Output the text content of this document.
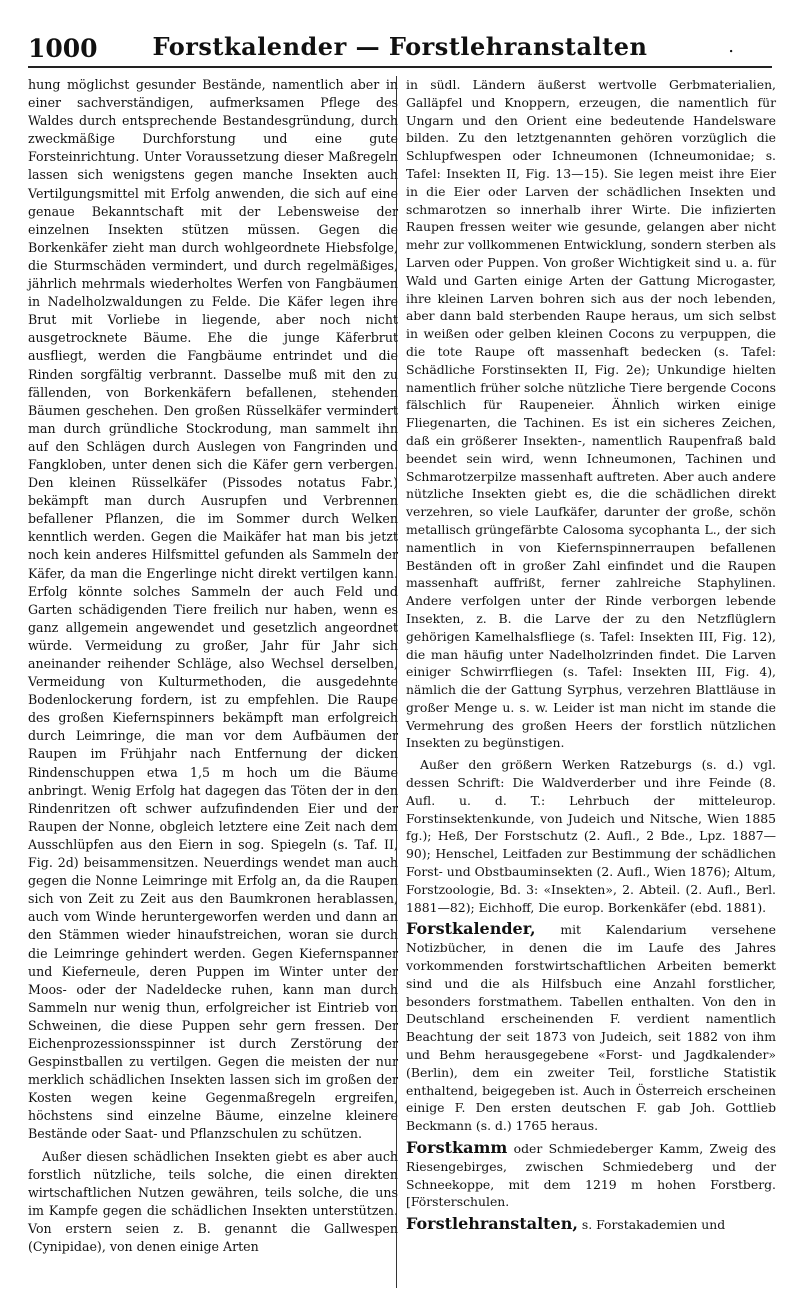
1000	Forstkalender — Forstlehranstalten	.

hung möglichst gesunder Bestände, namentlich aber in einer sachverständigen, aufmerksamen Pflege des Waldes durch entsprechende Bestandesgründung, durch zweckmäßige Durchforstung und eine gute Forsteinrichtung. Unter Voraussetzung dieser Maßregeln lassen sich wenigstens gegen manche Insekten auch Vertilgungsmittel mit Erfolg anwenden, die sich auf eine genaue Bekanntschaft mit der Lebensweise der einzelnen Insekten stützen müssen. Gegen die Borkenkäfer zieht man durch wohlgeordnete Hiebsfolge, die Sturmschäden vermindert, und durch regelmäßiges, jährlich mehrmals wiederholtes Werfen von Fangbäumen in Nadelholzwaldungen zu Felde. Die Käfer legen ihre Brut mit Vorliebe in liegende, aber noch nicht ausgetrocknete Bäume. Ehe die junge Käferbrut ausfliegt, werden die Fangbäume entrindet und die Rinden sorgfältig verbrannt. Dasselbe muß mit den zu fällenden, von Borkenkäfern befallenen, stehenden Bäumen geschehen. Den großen Rüsselkäfer vermindert man durch gründliche Stockrodung, man sammelt ihn auf den Schlägen durch Auslegen von Fangrinden und Fangkloben, unter denen sich die Käfer gern verbergen. Den kleinen Rüsselkäfer (Pissodes notatus Fabr.) bekämpft man durch Ausrupfen und Verbrennen befallener Pflanzen, die im Sommer durch Welken kenntlich werden. Gegen die Maikäfer hat man bis jetzt noch kein anderes Hilfsmittel gefunden als Sammeln der Käfer, da man die Engerlinge nicht direkt vertilgen kann. Erfolg könnte solches Sammeln der auch Feld und Garten schädigenden Tiere freilich nur haben, wenn es ganz allgemein angewendet und gesetzlich angeordnet würde. Vermeidung zu großer, Jahr für Jahr sich aneinander reihender Schläge, also Wechsel derselben, Vermeidung von Kulturmethoden, die ausgedehnte Bodenlockerung fordern, ist zu empfehlen. Die Raupe des großen Kiefernspinners bekämpft man erfolgreich durch Leimringe, die man vor dem Aufbäumen der Raupen im Frühjahr nach Entfernung der dicken Rindenschuppen etwa 1,5 m hoch um die Bäume anbringt. Wenig Erfolg hat dagegen das Töten der in den Rindenritzen oft schwer aufzufindenden Eier und der Raupen der Nonne, obgleich letztere eine Zeit nach dem Ausschlüpfen aus den Eiern in sog. Spiegeln (s. Taf. II, Fig. 2d) beisammensitzen. Neuerdings wendet man auch gegen die Nonne Leimringe mit Erfolg an, da die Raupen sich von Zeit zu Zeit aus den Baumkronen herablassen, auch vom Winde heruntergeworfen werden und dann an den Stämmen wieder hinaufstreichen, woran sie durch die Leimringe gehindert werden. Gegen Kiefernspanner und Kieferneule, deren Puppen im Winter unter der Moos- oder der Nadeldecke ruhen, kann man durch Sammeln nur wenig thun, erfolgreicher ist Eintrieb von Schweinen, die diese Puppen sehr gern fressen. Der Eichenprozessionsspinner ist durch Zerstörung der Gespinstballen zu vertilgen. Gegen die meisten der nur merklich schädlichen Insekten lassen sich im großen der Kosten wegen keine Gegenmaßregeln ergreifen, höchstens sind einzelne Bäume, einzelne kleinere Bestände oder Saat- und Pflanzschulen zu schützen.

Außer diesen schädlichen Insekten giebt es aber auch forstlich nützliche, teils solche, die einen direkten wirtschaftlichen Nutzen gewähren, teils solche, die uns im Kampfe gegen die schädlichen Insekten unterstützen. Von erstern seien z. B. genannt die Gallwespen (Cynipidae), von denen einige Arten

in südl. Ländern äußerst wertvolle Gerbmaterialien, Galläpfel und Knoppern, erzeugen, die namentlich für Ungarn und den Orient eine bedeutende Handelsware bilden. Zu den letztgenannten gehören vorzüglich die Schlupfwespen oder Ichneumonen (Ichneumonidae; s. Tafel: Insekten II, Fig. 13—15). Sie legen meist ihre Eier in die Eier oder Larven der schädlichen Insekten und schmarotzen so innerhalb ihrer Wirte. Die infizierten Raupen fressen weiter wie gesunde, gelangen aber nicht mehr zur vollkommenen Entwicklung, sondern sterben als Larven oder Puppen. Von großer Wichtigkeit sind u. a. für Wald und Garten einige Arten der Gattung Microgaster, ihre kleinen Larven bohren sich aus der noch lebenden, aber dann bald sterbenden Raupe heraus, um sich selbst in weißen oder gelben kleinen Cocons zu verpuppen, die die tote Raupe oft massenhaft bedecken (s. Tafel: Schädliche Forstinsekten II, Fig. 2e); Unkundige hielten namentlich früher solche nützliche Tiere bergende Cocons fälschlich für Raupeneier. Ähnlich wirken einige Fliegenarten, die Tachinen. Es ist ein sicheres Zeichen, daß ein größerer Insekten-, namentlich Raupenfraß bald beendet sein wird, wenn Ichneumonen, Tachinen und Schmarotzerpilze massenhaft auftreten. Aber auch andere nützliche Insekten giebt es, die die schädlichen direkt verzehren, so viele Laufkäfer, darunter der große, schön metallisch grüngefärbte Calosoma sycophanta L., der sich namentlich in von Kiefernspinnerraupen befallenen Beständen oft in großer Zahl einfindet und die Raupen massenhaft auffrißt, ferner zahlreiche Staphylinen. Andere verfolgen unter der Rinde verborgen lebende Insekten, z. B. die Larve der zu den Netzflüglern gehörigen Kamelhalsfliege (s. Tafel: Insekten III, Fig. 12), die man häufig unter Nadelholzrinden findet. Die Larven einiger Schwirrfliegen (s. Tafel: Insekten III, Fig. 4), nämlich die der Gattung Syrphus, verzehren Blattläuse in großer Menge u. s. w. Leider ist man nicht im stande die Vermehrung des großen Heers der forstlich nützlichen Insekten zu begünstigen.

Außer den größern Werken Ratzeburgs (s. d.) vgl. dessen Schrift: Die Waldverderber und ihre Feinde (8. Aufl. u. d. T.: Lehrbuch der mitteleurop. Forstinsektenkunde, von Judeich und Nitsche, Wien 1885 fg.); Heß, Der Forstschutz (2. Aufl., 2 Bde., Lpz. 1887—90); Henschel, Leitfaden zur Bestimmung der schädlichen Forst- und Obstbauminsekten (2. Aufl., Wien 1876); Altum, Forstzoologie, Bd. 3: «Insekten», 2. Abteil. (2. Aufl., Berl. 1881—82); Eichhoff, Die europ. Borkenkäfer (ebd. 1881).

Forstkalender, mit Kalendarium versehene Notizbücher, in denen die im Laufe des Jahres vorkommenden forstwirtschaftlichen Arbeiten bemerkt sind und die als Hilfsbuch eine Anzahl forstlicher, besonders forstmathem. Tabellen enthalten. Von den in Deutschland erscheinenden F. verdient namentlich Beachtung der seit 1873 von Judeich, seit 1882 von ihm und Behm herausgegebene «Forst- und Jagdkalender» (Berlin), dem ein zweiter Teil, forstliche Statistik enthaltend, beigegeben ist. Auch in Österreich erscheinen einige F. Den ersten deutschen F. gab Joh. Gottlieb Beckmann (s. d.) 1765 heraus.

Forstkamm oder Schmiedeberger Kamm, Zweig des Riesengebirges, zwischen Schmiedeberg und der Schneekoppe, mit dem 1219 m hohen Forstberg. [Försterschulen.

Forstlehranstalten, s. Forstakademien und
